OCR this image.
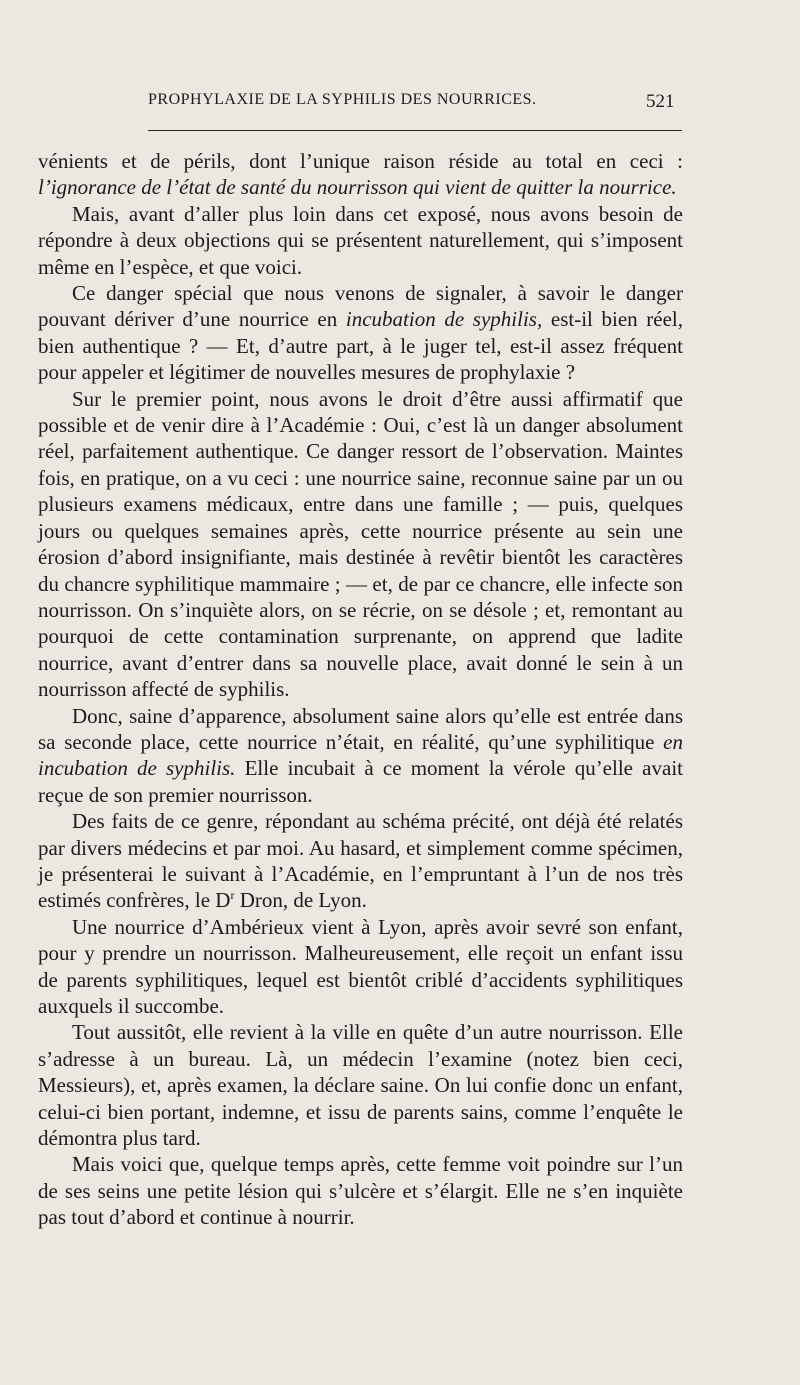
PROPHYLAXIE DE LA SYPHILIS DES NOURRICES.	521

vénients et de périls, dont l’unique raison réside au total en ceci : l’ignorance de l’état de santé du nourrisson qui vient de quitter la nourrice.

Mais, avant d’aller plus loin dans cet exposé, nous avons besoin de répondre à deux objections qui se présentent naturellement, qui s’imposent même en l’espèce, et que voici.

Ce danger spécial que nous venons de signaler, à savoir le danger pouvant dériver d’une nourrice en incubation de syphilis, est-il bien réel, bien authentique ? — Et, d’autre part, à le juger tel, est-il assez fréquent pour appeler et légitimer de nouvelles mesures de prophylaxie ?

Sur le premier point, nous avons le droit d’être aussi affirmatif que possible et de venir dire à l’Académie : Oui, c’est là un danger absolument réel, parfaitement authentique. Ce danger ressort de l’observation. Maintes fois, en pratique, on a vu ceci : une nourrice saine, reconnue saine par un ou plusieurs examens médicaux, entre dans une famille ; — puis, quelques jours ou quelques semaines après, cette nourrice présente au sein une érosion d’abord insignifiante, mais destinée à revêtir bientôt les caractères du chancre syphilitique mammaire ; — et, de par ce chancre, elle infecte son nourrisson. On s’inquiète alors, on se récrie, on se désole ; et, remontant au pourquoi de cette contamination surprenante, on apprend que ladite nourrice, avant d’entrer dans sa nouvelle place, avait donné le sein à un nourrisson affecté de syphilis.

Donc, saine d’apparence, absolument saine alors qu’elle est entrée dans sa seconde place, cette nourrice n’était, en réalité, qu’une syphilitique en incubation de syphilis. Elle incubait à ce moment la vérole qu’elle avait reçue de son premier nourrisson.

Des faits de ce genre, répondant au schéma précité, ont déjà été relatés par divers médecins et par moi. Au hasard, et simplement comme spécimen, je présenterai le suivant à l’Académie, en l’empruntant à l’un de nos très estimés confrères, le $D^r$ Dron, de Lyon.

Une nourrice d’Ambérieux vient à Lyon, après avoir sevré son enfant, pour y prendre un nourrisson. Malheureusement, elle reçoit un enfant issu de parents syphilitiques, lequel est bientôt criblé d’accidents syphilitiques auxquels il succombe.

Tout aussitôt, elle revient à la ville en quête d’un autre nourrisson. Elle s’adresse à un bureau. Là, un médecin l’examine (notez bien ceci, Messieurs), et, après examen, la déclare saine. On lui confie donc un enfant, celui-ci bien portant, indemne, et issu de parents sains, comme l’enquête le démontra plus tard.

Mais voici que, quelque temps après, cette femme voit poindre sur l’un de ses seins une petite lésion qui s’ulcère et s’élargit. Elle ne s’en inquiète pas tout d’abord et continue à nourrir.
